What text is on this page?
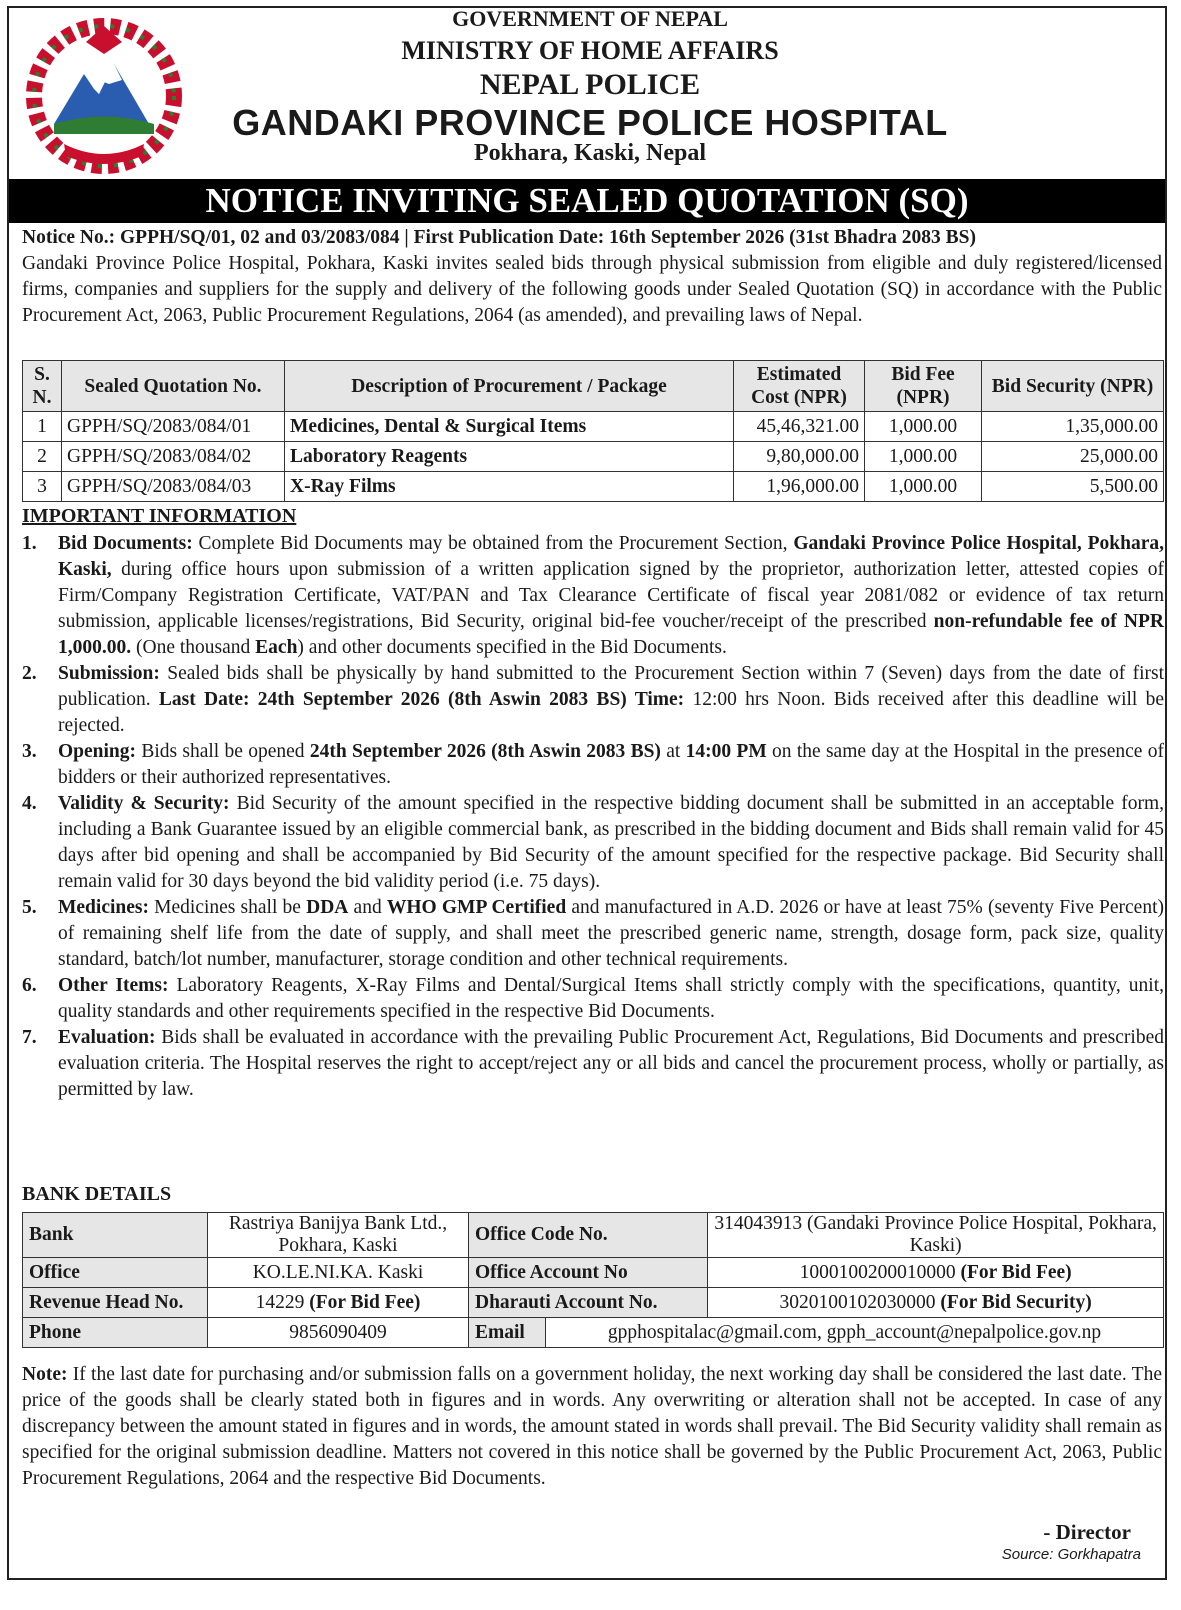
GOVERNMENT OF NEPAL
MINISTRY OF HOME AFFAIRS
NEPAL POLICE
GANDAKI PROVINCE POLICE HOSPITAL
Pokhara, Kaski, Nepal
NOTICE INVITING SEALED QUOTATION (SQ)
Notice No.: GPPH/SQ/01, 02 and 03/2083/084 | First Publication Date: 16th September 2026 (31st Bhadra 2083 BS)
Gandaki Province Police Hospital, Pokhara, Kaski invites sealed bids through physical submission from eligible and duly registered/licensed firms, companies and suppliers for the supply and delivery of the following goods under Sealed Quotation (SQ) in accordance with the Public Procurement Act, 2063, Public Procurement Regulations, 2064 (as amended), and prevailing laws of Nepal.
S. N.	Sealed Quotation No.	Description of Procurement / Package	Estimated Cost (NPR)	Bid Fee (NPR)	Bid Security (NPR)
1	GPPH/SQ/2083/084/01	Medicines, Dental & Surgical Items	45,46,321.00	1,000.00	1,35,000.00
2	GPPH/SQ/2083/084/02	Laboratory Reagents	9,80,000.00	1,000.00	25,000.00
3	GPPH/SQ/2083/084/03	X-Ray Films	1,96,000.00	1,000.00	5,500.00
IMPORTANT INFORMATION
1. Bid Documents: Complete Bid Documents may be obtained from the Procurement Section, Gandaki Province Police Hospital, Pokhara, Kaski, during office hours upon submission of a written application signed by the proprietor, authorization letter, attested copies of Firm/Company Registration Certificate, VAT/PAN and Tax Clearance Certificate of fiscal year 2081/082 or evidence of tax return submission, applicable licenses/registrations, Bid Security, original bid-fee voucher/receipt of the prescribed non-refundable fee of NPR 1,000.00. (One thousand Each) and other documents specified in the Bid Documents.
2. Submission: Sealed bids shall be physically by hand submitted to the Procurement Section within 7 (Seven) days from the date of first publication. Last Date: 24th September 2026 (8th Aswin 2083 BS) Time: 12:00 hrs Noon. Bids received after this deadline will be rejected.
3. Opening: Bids shall be opened 24th September 2026 (8th Aswin 2083 BS) at 14:00 PM on the same day at the Hospital in the presence of bidders or their authorized representatives.
4. Validity & Security: Bid Security of the amount specified in the respective bidding document shall be submitted in an acceptable form, including a Bank Guarantee issued by an eligible commercial bank, as prescribed in the bidding document and Bids shall remain valid for 45 days after bid opening and shall be accompanied by Bid Security of the amount specified for the respective package. Bid Security shall remain valid for 30 days beyond the bid validity period (i.e. 75 days).
5. Medicines: Medicines shall be DDA and WHO GMP Certified and manufactured in A.D. 2026 or have at least 75% (seventy Five Percent) of remaining shelf life from the date of supply, and shall meet the prescribed generic name, strength, dosage form, pack size, quality standard, batch/lot number, manufacturer, storage condition and other technical requirements.
6. Other Items: Laboratory Reagents, X-Ray Films and Dental/Surgical Items shall strictly comply with the specifications, quantity, unit, quality standards and other requirements specified in the respective Bid Documents.
7. Evaluation: Bids shall be evaluated in accordance with the prevailing Public Procurement Act, Regulations, Bid Documents and prescribed evaluation criteria. The Hospital reserves the right to accept/reject any or all bids and cancel the procurement process, wholly or partially, as permitted by law.
BANK DETAILS
Bank	Rastriya Banijya Bank Ltd., Pokhara, Kaski	Office Code No.		314043913 (Gandaki Province Police Hospital, Pokhara, Kaski)
Office	KO.LE.NI.KA. Kaski	Office Account No		1000100200010000 (For Bid Fee)
Revenue Head No.	14229 (For Bid Fee)	Dharauti Account No.		3020100102030000 (For Bid Security)
Phone	9856090409	Email	gpphospitalac@gmail.com, gpph_account@nepalpolice.gov.np	
Note: If the last date for purchasing and/or submission falls on a government holiday, the next working day shall be considered the last date. The price of the goods shall be clearly stated both in figures and in words. Any overwriting or alteration shall not be accepted. In case of any discrepancy between the amount stated in figures and in words, the amount stated in words shall prevail. The Bid Security validity shall remain as specified for the original submission deadline. Matters not covered in this notice shall be governed by the Public Procurement Act, 2063, Public Procurement Regulations, 2064 and the respective Bid Documents.
- Director
Source: Gorkhapatra
